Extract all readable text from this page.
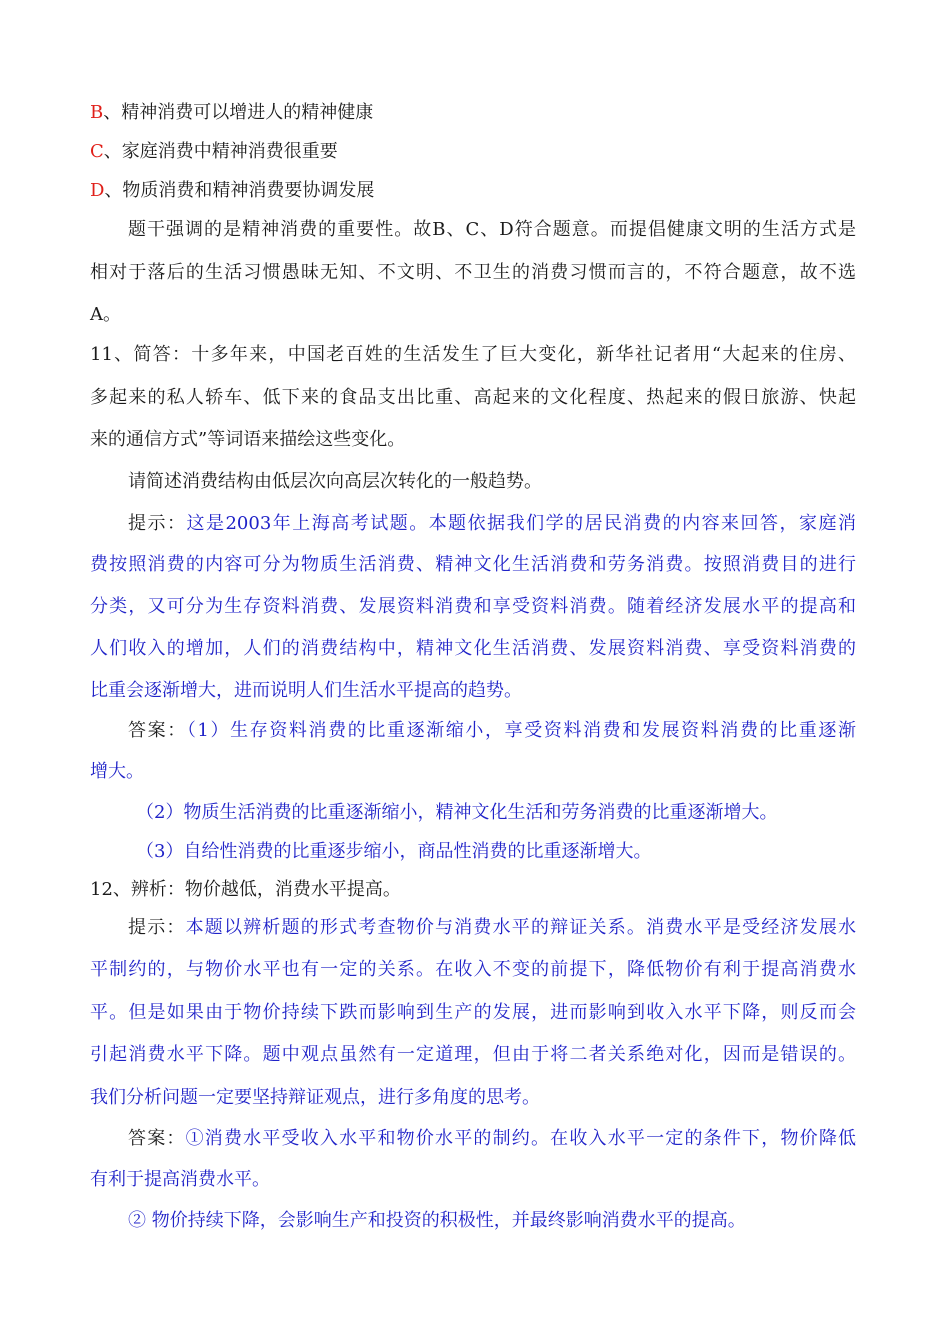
B、精神消费可以增进人的精神健康
C、家庭消费中精神消费很重要
D、物质消费和精神消费要协调发展
题干强调的是精神消费的重要性。故B、C、D符合题意。而提倡健康文明的生活方式是
相对于落后的生活习惯愚昧无知、不文明、不卫生的消费习惯而言的，不符合题意，故不选
A。
11、简答：十多年来，中国老百姓的生活发生了巨大变化，新华社记者用“大起来的住房、
多起来的私人轿车、低下来的食品支出比重、高起来的文化程度、热起来的假日旅游、快起
来的通信方式”等词语来描绘这些变化。
请简述消费结构由低层次向高层次转化的一般趋势。
提示：这是2003年上海高考试题。本题依据我们学的居民消费的内容来回答，家庭消
费按照消费的内容可分为物质生活消费、精神文化生活消费和劳务消费。按照消费目的进行
分类，又可分为生存资料消费、发展资料消费和享受资料消费。随着经济发展水平的提高和
人们收入的增加，人们的消费结构中，精神文化生活消费、发展资料消费、享受资料消费的
比重会逐渐增大，进而说明人们生活水平提高的趋势。
答案：（1）生存资料消费的比重逐渐缩小，享受资料消费和发展资料消费的比重逐渐
增大。
（2）物质生活消费的比重逐渐缩小，精神文化生活和劳务消费的比重逐渐增大。
（3）自给性消费的比重逐步缩小，商品性消费的比重逐渐增大。
12、辨析：物价越低，消费水平提高。
提示：本题以辨析题的形式考查物价与消费水平的辩证关系。消费水平是受经济发展水
平制约的，与物价水平也有一定的关系。在收入不变的前提下，降低物价有利于提高消费水
平。但是如果由于物价持续下跌而影响到生产的发展，进而影响到收入水平下降，则反而会
引起消费水平下降。题中观点虽然有一定道理，但由于将二者关系绝对化，因而是错误的。
我们分析问题一定要坚持辩证观点，进行多角度的思考。
答案：①消费水平受收入水平和物价水平的制约。在收入水平一定的条件下，物价降低
有利于提高消费水平。
② 物价持续下降，会影响生产和投资的积极性，并最终影响消费水平的提高。
